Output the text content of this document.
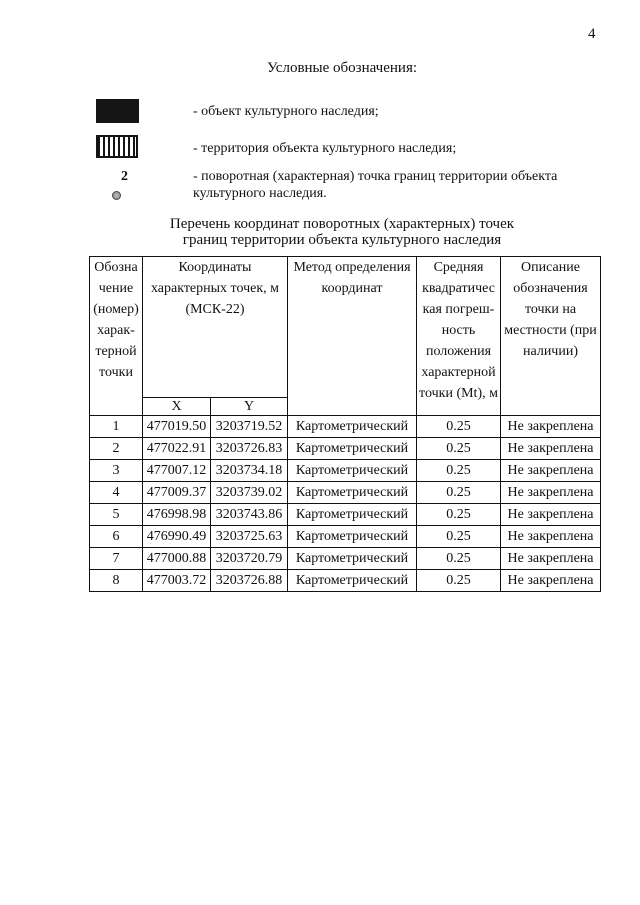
4
Условные обозначения:
- объект культурного наследия;
- территория объекта культурного наследия;
2	- поворотная (характерная) точка границ территории объекта культурного наследия.
Перечень координат поворотных (характерных) точек границ территории объекта культурного наследия
Обозна чение (номер) харак- терной точки	Координаты характерных точек, м (МСК-22)		Метод определения координат	Средняя квадратичес кая погреш- ность положения характерной точки (Mt), м	Описание обозначения точки на местности (при наличии)
	X	Y			
1	477019.50	3203719.52	Картометрический	0.25	Не закреплена
2	477022.91	3203726.83	Картометрический	0.25	Не закреплена
3	477007.12	3203734.18	Картометрический	0.25	Не закреплена
4	477009.37	3203739.02	Картометрический	0.25	Не закреплена
5	476998.98	3203743.86	Картометрический	0.25	Не закреплена
6	476990.49	3203725.63	Картометрический	0.25	Не закреплена
7	477000.88	3203720.79	Картометрический	0.25	Не закреплена
8	477003.72	3203726.88	Картометрический	0.25	Не закреплена
